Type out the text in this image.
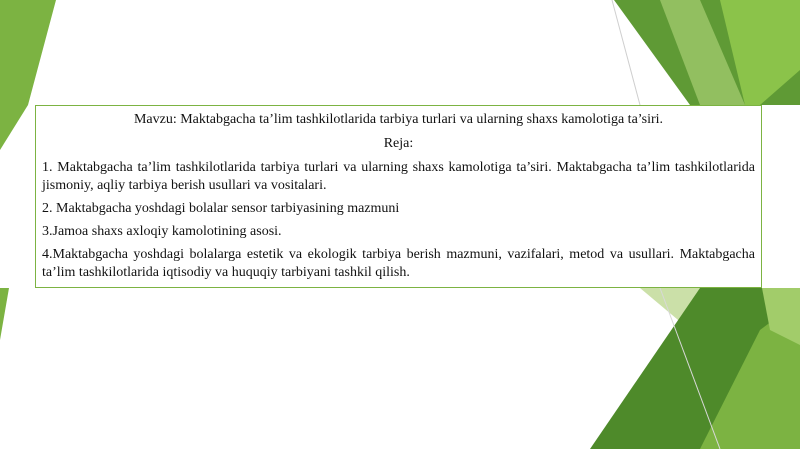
Mavzu: Maktabgacha ta’lim tashkilotlarida tarbiya turlari va ularning shaxs kamolotiga ta’siri.

Reja:

1. Maktabgacha ta’lim tashkilotlarida tarbiya turlari va ularning shaxs kamolotiga ta’siri. Maktabgacha ta’lim tashkilotlarida jismoniy, aqliy tarbiya berish usullari va vositalari.

2. Maktabgacha yoshdagi bolalar sensor tarbiyasining mazmuni

3.Jamoa shaxs axloqiy kamolotining asosi.

4.Maktabgacha yoshdagi bolalarga estetik va ekologik tarbiya berish mazmuni, vazifalari, metod va usullari. Maktabgacha ta’lim tashkilotlarida iqtisodiy va huquqiy tarbiyani tashkil qilish.
